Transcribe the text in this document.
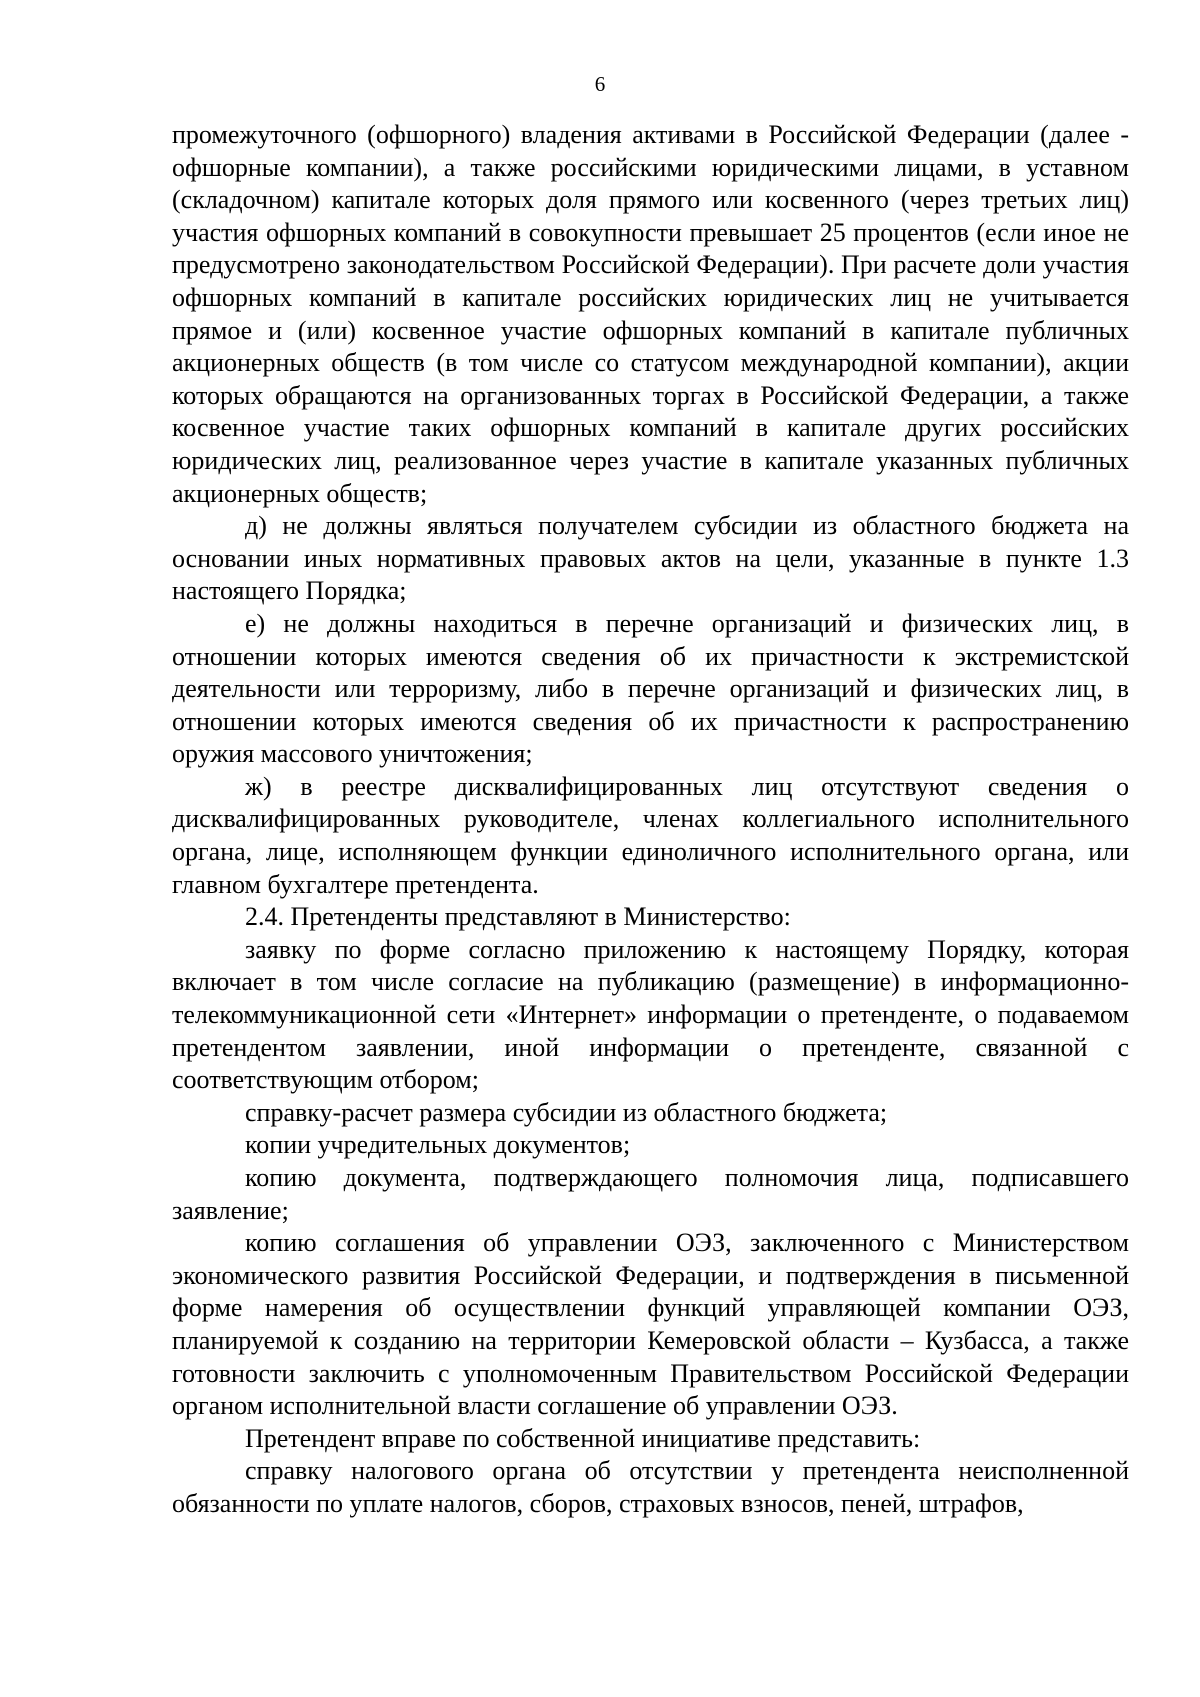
6

промежуточного (офшорного) владения активами в Российской Федерации (далее - офшорные компании), а также российскими юридическими лицами, в уставном (складочном) капитале которых доля прямого или косвенного (через третьих лиц) участия офшорных компаний в совокупности превышает 25 процентов (если иное не предусмотрено законодательством Российской Федерации). При расчете доли участия офшорных компаний в капитале российских юридических лиц не учитывается прямое и (или) косвенное участие офшорных компаний в капитале публичных акционерных обществ (в том числе со статусом международной компании), акции которых обращаются на организованных торгах в Российской Федерации, а также косвенное участие таких офшорных компаний в капитале других российских юридических лиц, реализованное через участие в капитале указанных публичных акционерных обществ;

д) не должны являться получателем субсидии из областного бюджета на основании иных нормативных правовых актов на цели, указанные в пункте 1.3 настоящего Порядка;

е) не должны находиться в перечне организаций и физических лиц, в отношении которых имеются сведения об их причастности к экстремистской деятельности или терроризму, либо в перечне организаций и физических лиц, в отношении которых имеются сведения об их причастности к распространению оружия массового уничтожения;

ж) в реестре дисквалифицированных лиц отсутствуют сведения о дисквалифицированных руководителе, членах коллегиального исполнительного органа, лице, исполняющем функции единоличного исполнительного органа, или главном бухгалтере претендента.

2.4. Претенденты представляют в Министерство:

заявку по форме согласно приложению к настоящему Порядку, которая включает в том числе согласие на публикацию (размещение) в информационно-телекоммуникационной сети «Интернет» информации о претенденте, о подаваемом претендентом заявлении, иной информации о претенденте, связанной с соответствующим отбором;

справку-расчет размера субсидии из областного бюджета;

копии учредительных документов;

копию документа, подтверждающего полномочия лица, подписавшего заявление;

копию соглашения об управлении ОЭЗ, заключенного с Министерством экономического развития Российской Федерации, и подтверждения в письменной форме намерения об осуществлении функций управляющей компании ОЭЗ, планируемой к созданию на территории Кемеровской области – Кузбасса, а также готовности заключить с уполномоченным Правительством Российской Федерации органом исполнительной власти соглашение об управлении ОЭЗ.

Претендент вправе по собственной инициативе представить:

справку налогового органа об отсутствии у претендента неисполненной обязанности по уплате налогов, сборов, страховых взносов, пеней, штрафов,
